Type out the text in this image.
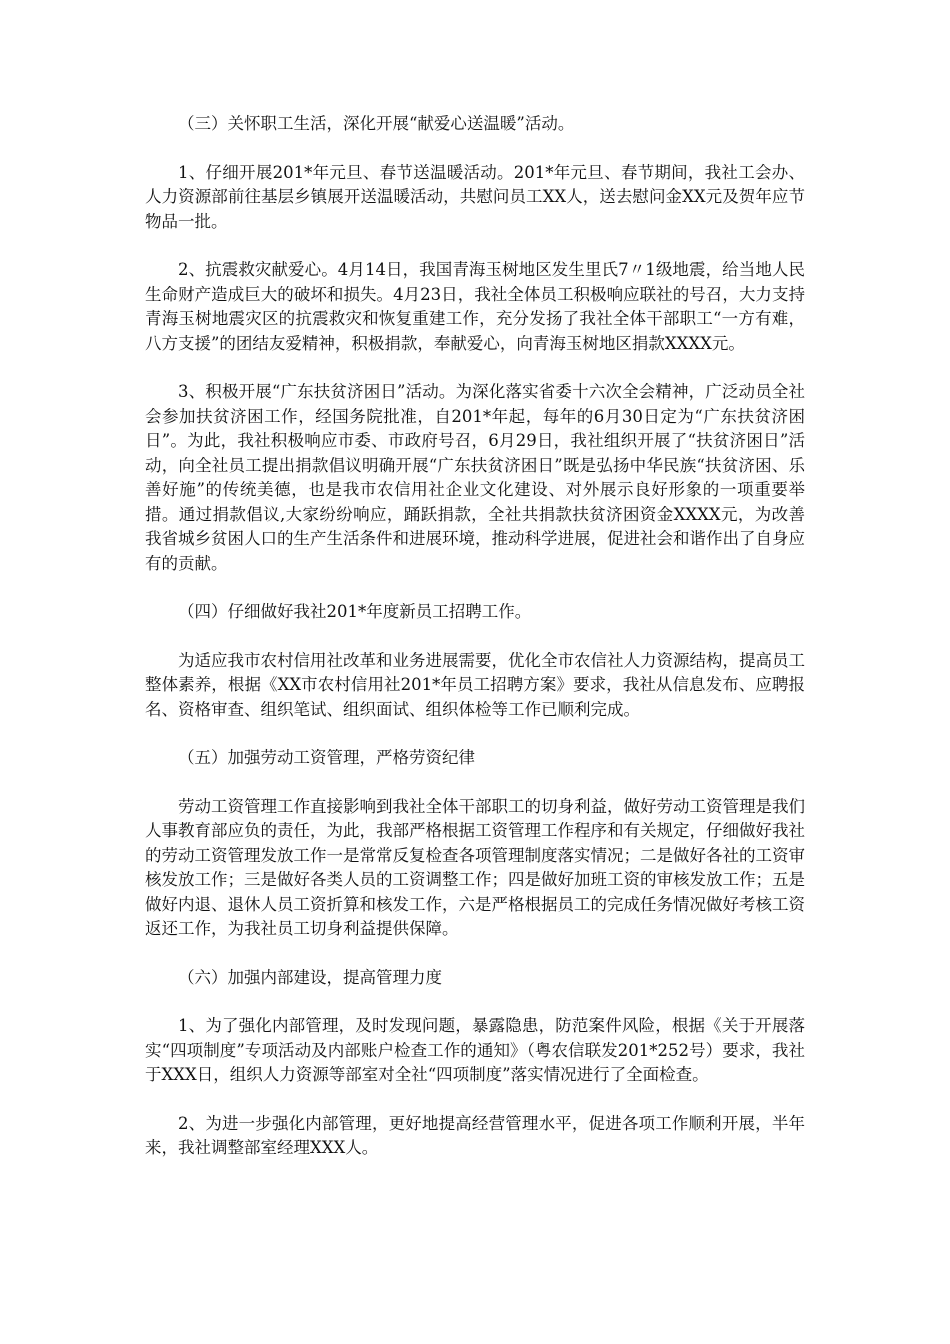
（三）关怀职工生活，深化开展“献爱心送温暖”活动。

1、仔细开展201*年元旦、春节送温暖活动。201*年元旦、春节期间，我社工会办、人力资源部前往基层乡镇展开送温暖活动，共慰问员工XX人，送去慰问金XX元及贺年应节物品一批。

2、抗震救灾献爱心。4月14日，我国青海玉树地区发生里氏7〃1级地震，给当地人民生命财产造成巨大的破坏和损失。4月23日，我社全体员工积极响应联社的号召，大力支持青海玉树地震灾区的抗震救灾和恢复重建工作，充分发扬了我社全体干部职工“一方有难，八方支援”的团结友爱精神，积极捐款，奉献爱心，向青海玉树地区捐款XXXX元。

3、积极开展“广东扶贫济困日”活动。为深化落实省委十六次全会精神，广泛动员全社会参加扶贫济困工作，经国务院批准，自201*年起，每年的6月30日定为“广东扶贫济困日”。为此，我社积极响应市委、市政府号召，6月29日，我社组织开展了“扶贫济困日”活动，向全社员工提出捐款倡议明确开展“广东扶贫济困日”既是弘扬中华民族“扶贫济困、乐善好施”的传统美德，也是我市农信用社企业文化建设、对外展示良好形象的一项重要举措。通过捐款倡议,大家纷纷响应，踊跃捐款，全社共捐款扶贫济困资金XXXX元，为改善我省城乡贫困人口的生产生活条件和进展环境，推动科学进展，促进社会和谐作出了自身应有的贡献。

（四）仔细做好我社201*年度新员工招聘工作。

为适应我市农村信用社改革和业务进展需要，优化全市农信社人力资源结构，提高员工整体素养，根据《XX市农村信用社201*年员工招聘方案》要求，我社从信息发布、应聘报名、资格审查、组织笔试、组织面试、组织体检等工作已顺利完成。

（五）加强劳动工资管理，严格劳资纪律

劳动工资管理工作直接影响到我社全体干部职工的切身利益，做好劳动工资管理是我们人事教育部应负的责任，为此，我部严格根据工资管理工作程序和有关规定，仔细做好我社的劳动工资管理发放工作一是常常反复检查各项管理制度落实情况；二是做好各社的工资审核发放工作；三是做好各类人员的工资调整工作；四是做好加班工资的审核发放工作；五是做好内退、退休人员工资折算和核发工作，六是严格根据员工的完成任务情况做好考核工资返还工作，为我社员工切身利益提供保障。

（六）加强内部建设，提高管理力度

1、为了强化内部管理，及时发现问题，暴露隐患，防范案件风险，根据《关于开展落实“四项制度”专项活动及内部账户检查工作的通知》（粤农信联发201*252号）要求，我社于XXX日，组织人力资源等部室对全社“四项制度”落实情况进行了全面检查。

2、为进一步强化内部管理，更好地提高经营管理水平，促进各项工作顺利开展，半年来，我社调整部室经理XXX人。
